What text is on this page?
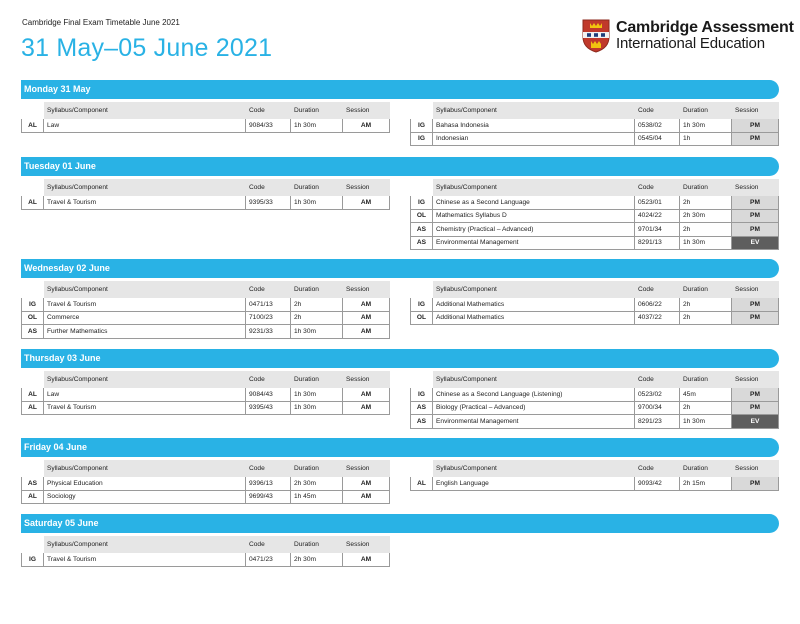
Cambridge Final Exam Timetable June 2021
31 May–05 June 2021
Cambridge Assessment
International Education
Monday 31 May
	Syllabus/Component	Code	Duration	Session
AL	Law	9084/33	1h 30m	AM
	Syllabus/Component	Code	Duration	Session
IG	Bahasa Indonesia	0538/02	1h 30m	PM
IG	Indonesian	0545/04	1h	PM
Tuesday 01 June
	Syllabus/Component	Code	Duration	Session
AL	Travel & Tourism	9395/33	1h 30m	AM
	Syllabus/Component	Code	Duration	Session
IG	Chinese as a Second Language	0523/01	2h	PM
OL	Mathematics Syllabus D	4024/22	2h 30m	PM
AS	Chemistry (Practical – Advanced)	9701/34	2h	PM
AS	Environmental Management	8291/13	1h 30m	EV
Wednesday 02 June
	Syllabus/Component	Code	Duration	Session
IG	Travel & Tourism	0471/13	2h	AM
OL	Commerce	7100/23	2h	AM
AS	Further Mathematics	9231/33	1h 30m	AM
	Syllabus/Component	Code	Duration	Session
IG	Additional Mathematics	0606/22	2h	PM
OL	Additional Mathematics	4037/22	2h	PM
Thursday 03 June
	Syllabus/Component	Code	Duration	Session
AL	Law	9084/43	1h 30m	AM
AL	Travel & Tourism	9395/43	1h 30m	AM
	Syllabus/Component	Code	Duration	Session
IG	Chinese as a Second Language (Listening)	0523/02	45m	PM
AS	Biology (Practical – Advanced)	9700/34	2h	PM
AS	Environmental Management	8291/23	1h 30m	EV
Friday 04 June
	Syllabus/Component	Code	Duration	Session
AS	Physical Education	9396/13	2h 30m	AM
AL	Sociology	9699/43	1h 45m	AM
	Syllabus/Component	Code	Duration	Session
AL	English Language	9093/42	2h 15m	PM
Saturday 05 June
	Syllabus/Component	Code	Duration	Session
IG	Travel & Tourism	0471/23	2h 30m	AM
